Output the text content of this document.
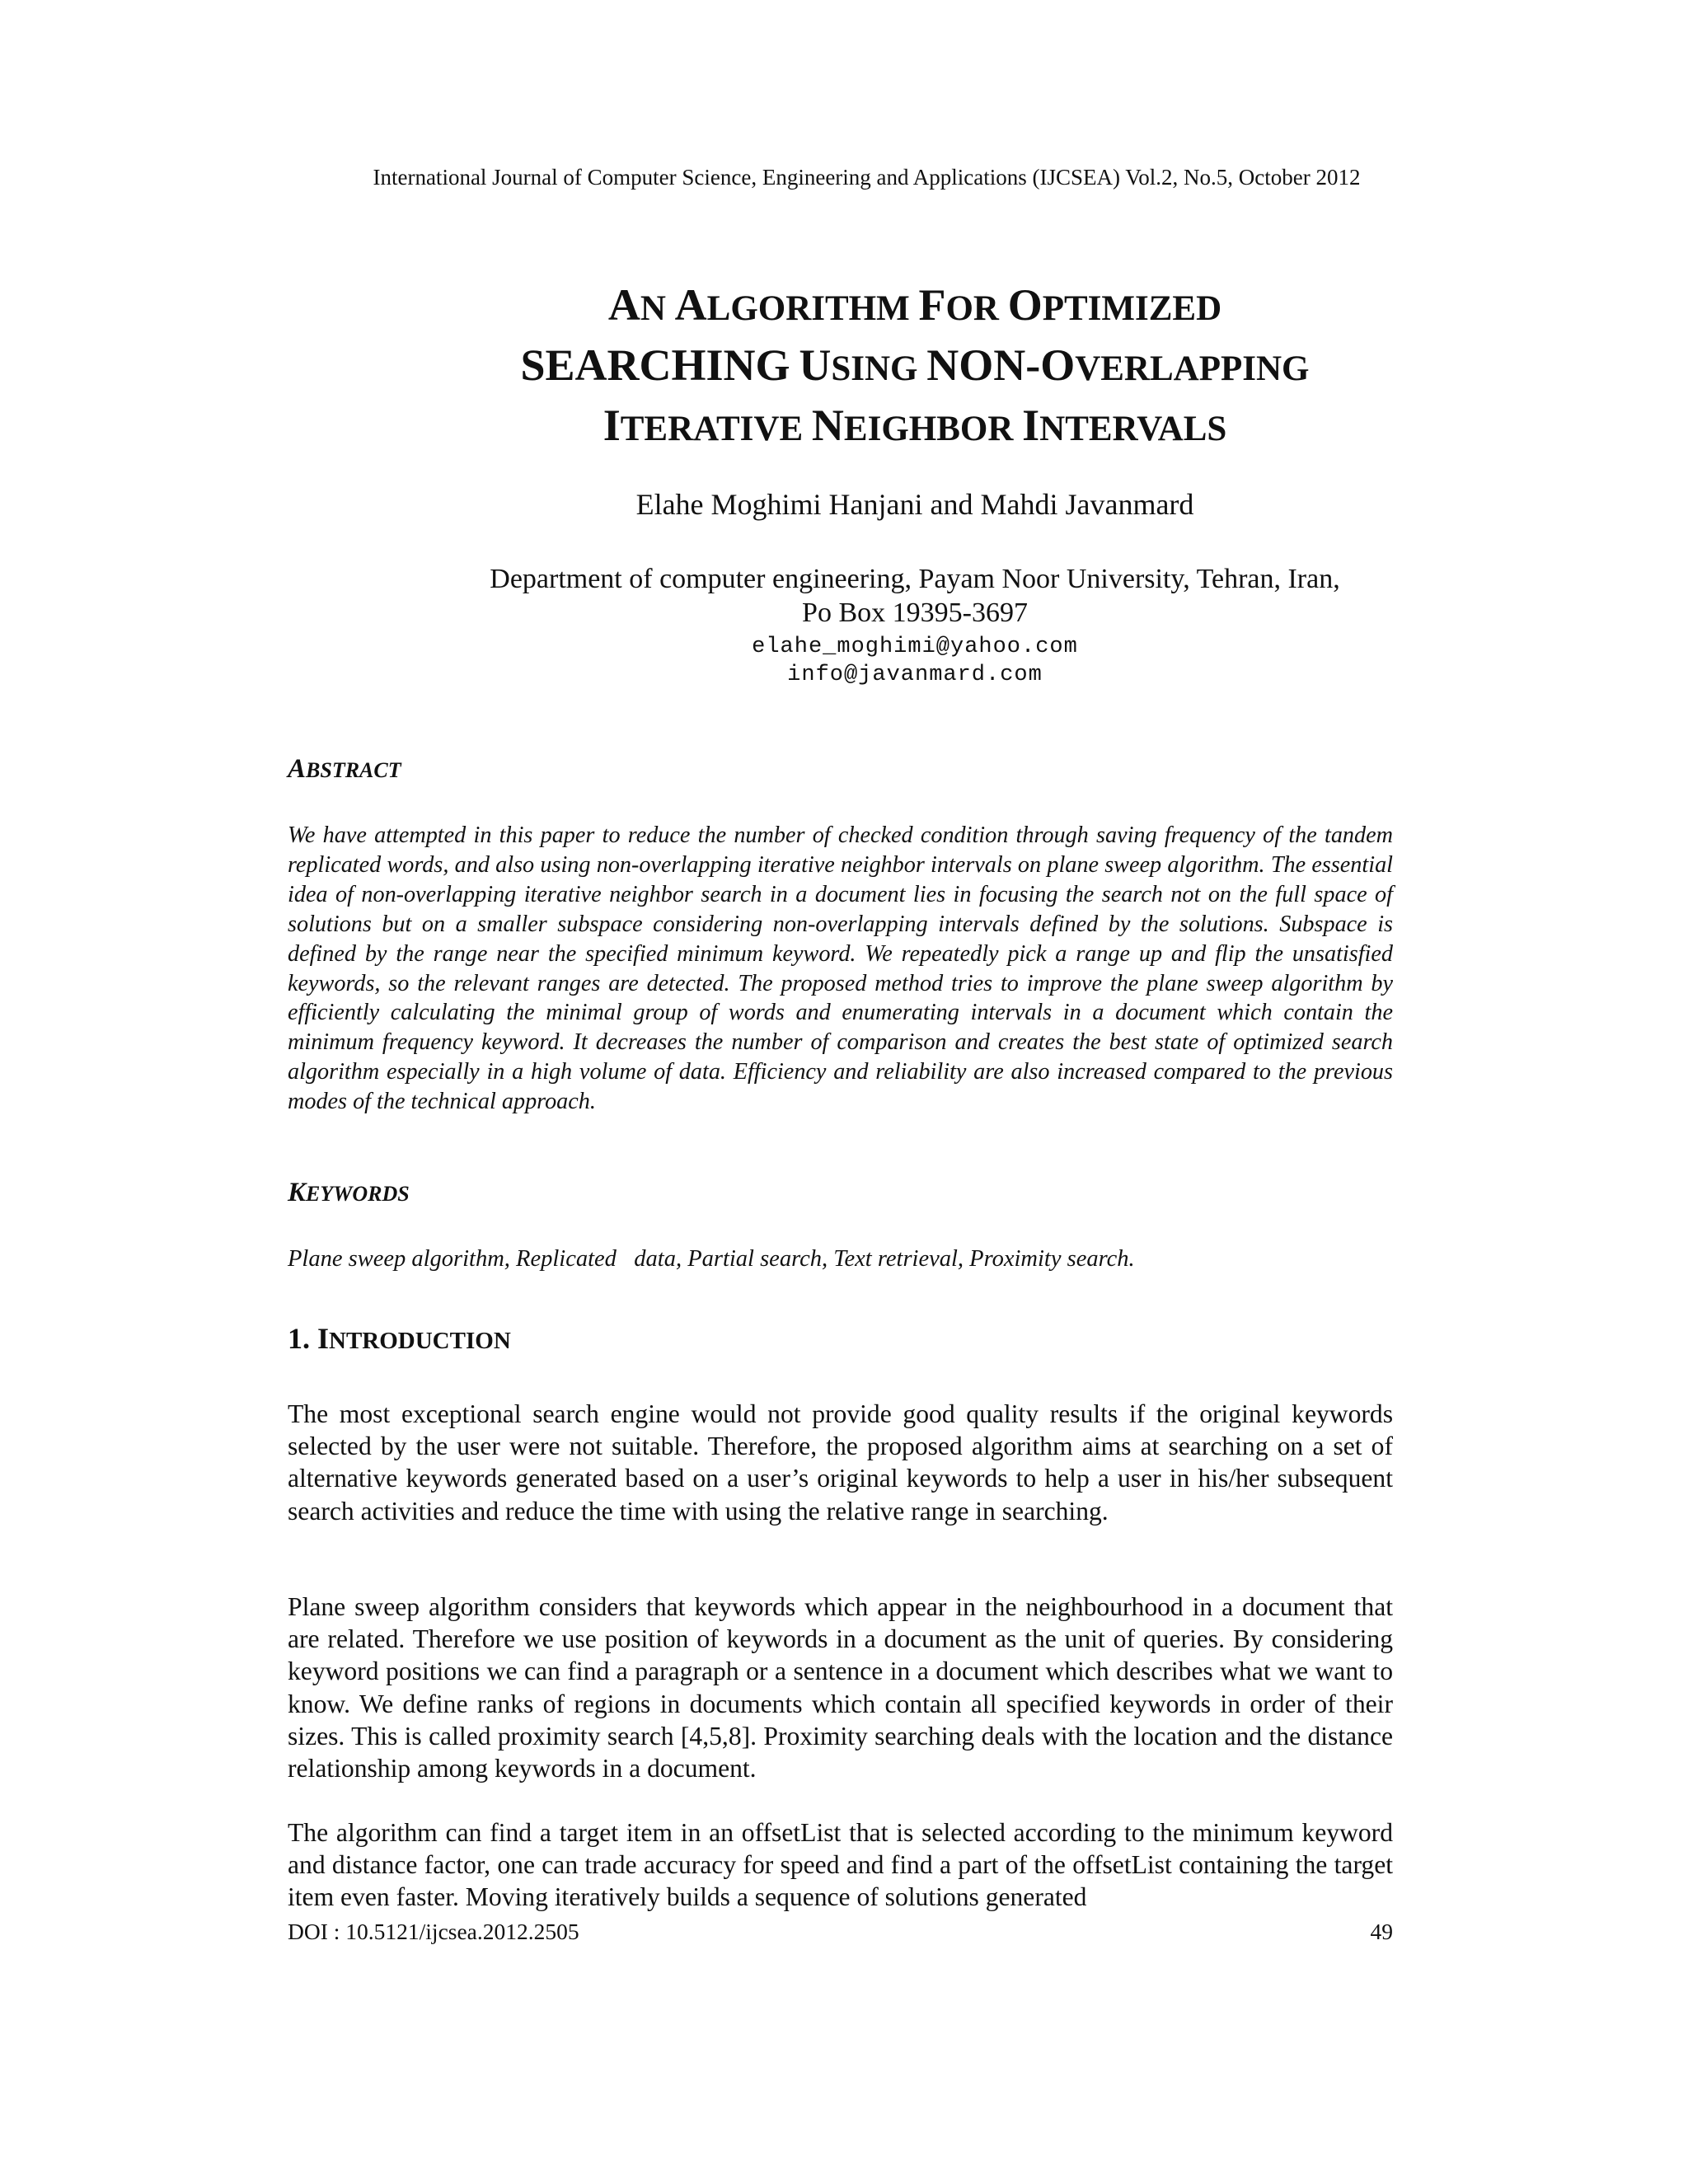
International Journal of Computer Science, Engineering and Applications (IJCSEA) Vol.2, No.5, October 2012
AN ALGORITHM FOR OPTIMIZED
SEARCHING USING NON-OVERLAPPING
ITERATIVE NEIGHBOR INTERVALS
Elahe Moghimi Hanjani and Mahdi Javanmard
Department of computer engineering, Payam Noor University, Tehran, Iran,
Po Box 19395-3697
elahe_moghimi@yahoo.com
info@javanmard.com
ABSTRACT
We have attempted in this paper to reduce the number of checked condition through saving frequency of the tandem replicated words, and also using non-overlapping iterative neighbor intervals on plane sweep algorithm. The essential idea of non-overlapping iterative neighbor search in a document lies in focusing the search not on the full space of solutions but on a smaller subspace considering non-overlapping intervals defined by the solutions. Subspace is defined by the range near the specified minimum keyword. We repeatedly pick a range up and flip the unsatisfied keywords, so the relevant ranges are detected. The proposed method tries to improve the plane sweep algorithm by efficiently calculating the minimal group of words and enumerating intervals in a document which contain the minimum frequency keyword. It decreases the number of comparison and creates the best state of optimized search algorithm especially in a high volume of data. Efficiency and reliability are also increased compared to the previous modes of the technical approach.
KEYWORDS
Plane sweep algorithm, Replicated   data, Partial search, Text retrieval, Proximity search.
1. INTRODUCTION
The most exceptional search engine would not provide good quality results if the original keywords selected by the user were not suitable. Therefore, the proposed algorithm aims at searching on a set of alternative keywords generated based on a user’s original keywords to help a user in his/her subsequent search activities and reduce the time with using the relative range in searching.
Plane sweep algorithm considers that keywords which appear in the neighbourhood in a document that are related. Therefore we use position of keywords in a document as the unit of queries. By considering keyword positions we can find a paragraph or a sentence in a document which describes what we want to know. We define ranks of regions in documents which contain all specified keywords in order of their sizes. This is called proximity search [4,5,8]. Proximity searching deals with the location and the distance relationship among keywords in a document.
The algorithm can find a target item in an offsetList that is selected according to the minimum keyword and distance factor, one can trade accuracy for speed and find a part of the offsetList containing the target item even faster. Moving iteratively builds a sequence of solutions generated
DOI : 10.5121/ijcsea.2012.2505	49
